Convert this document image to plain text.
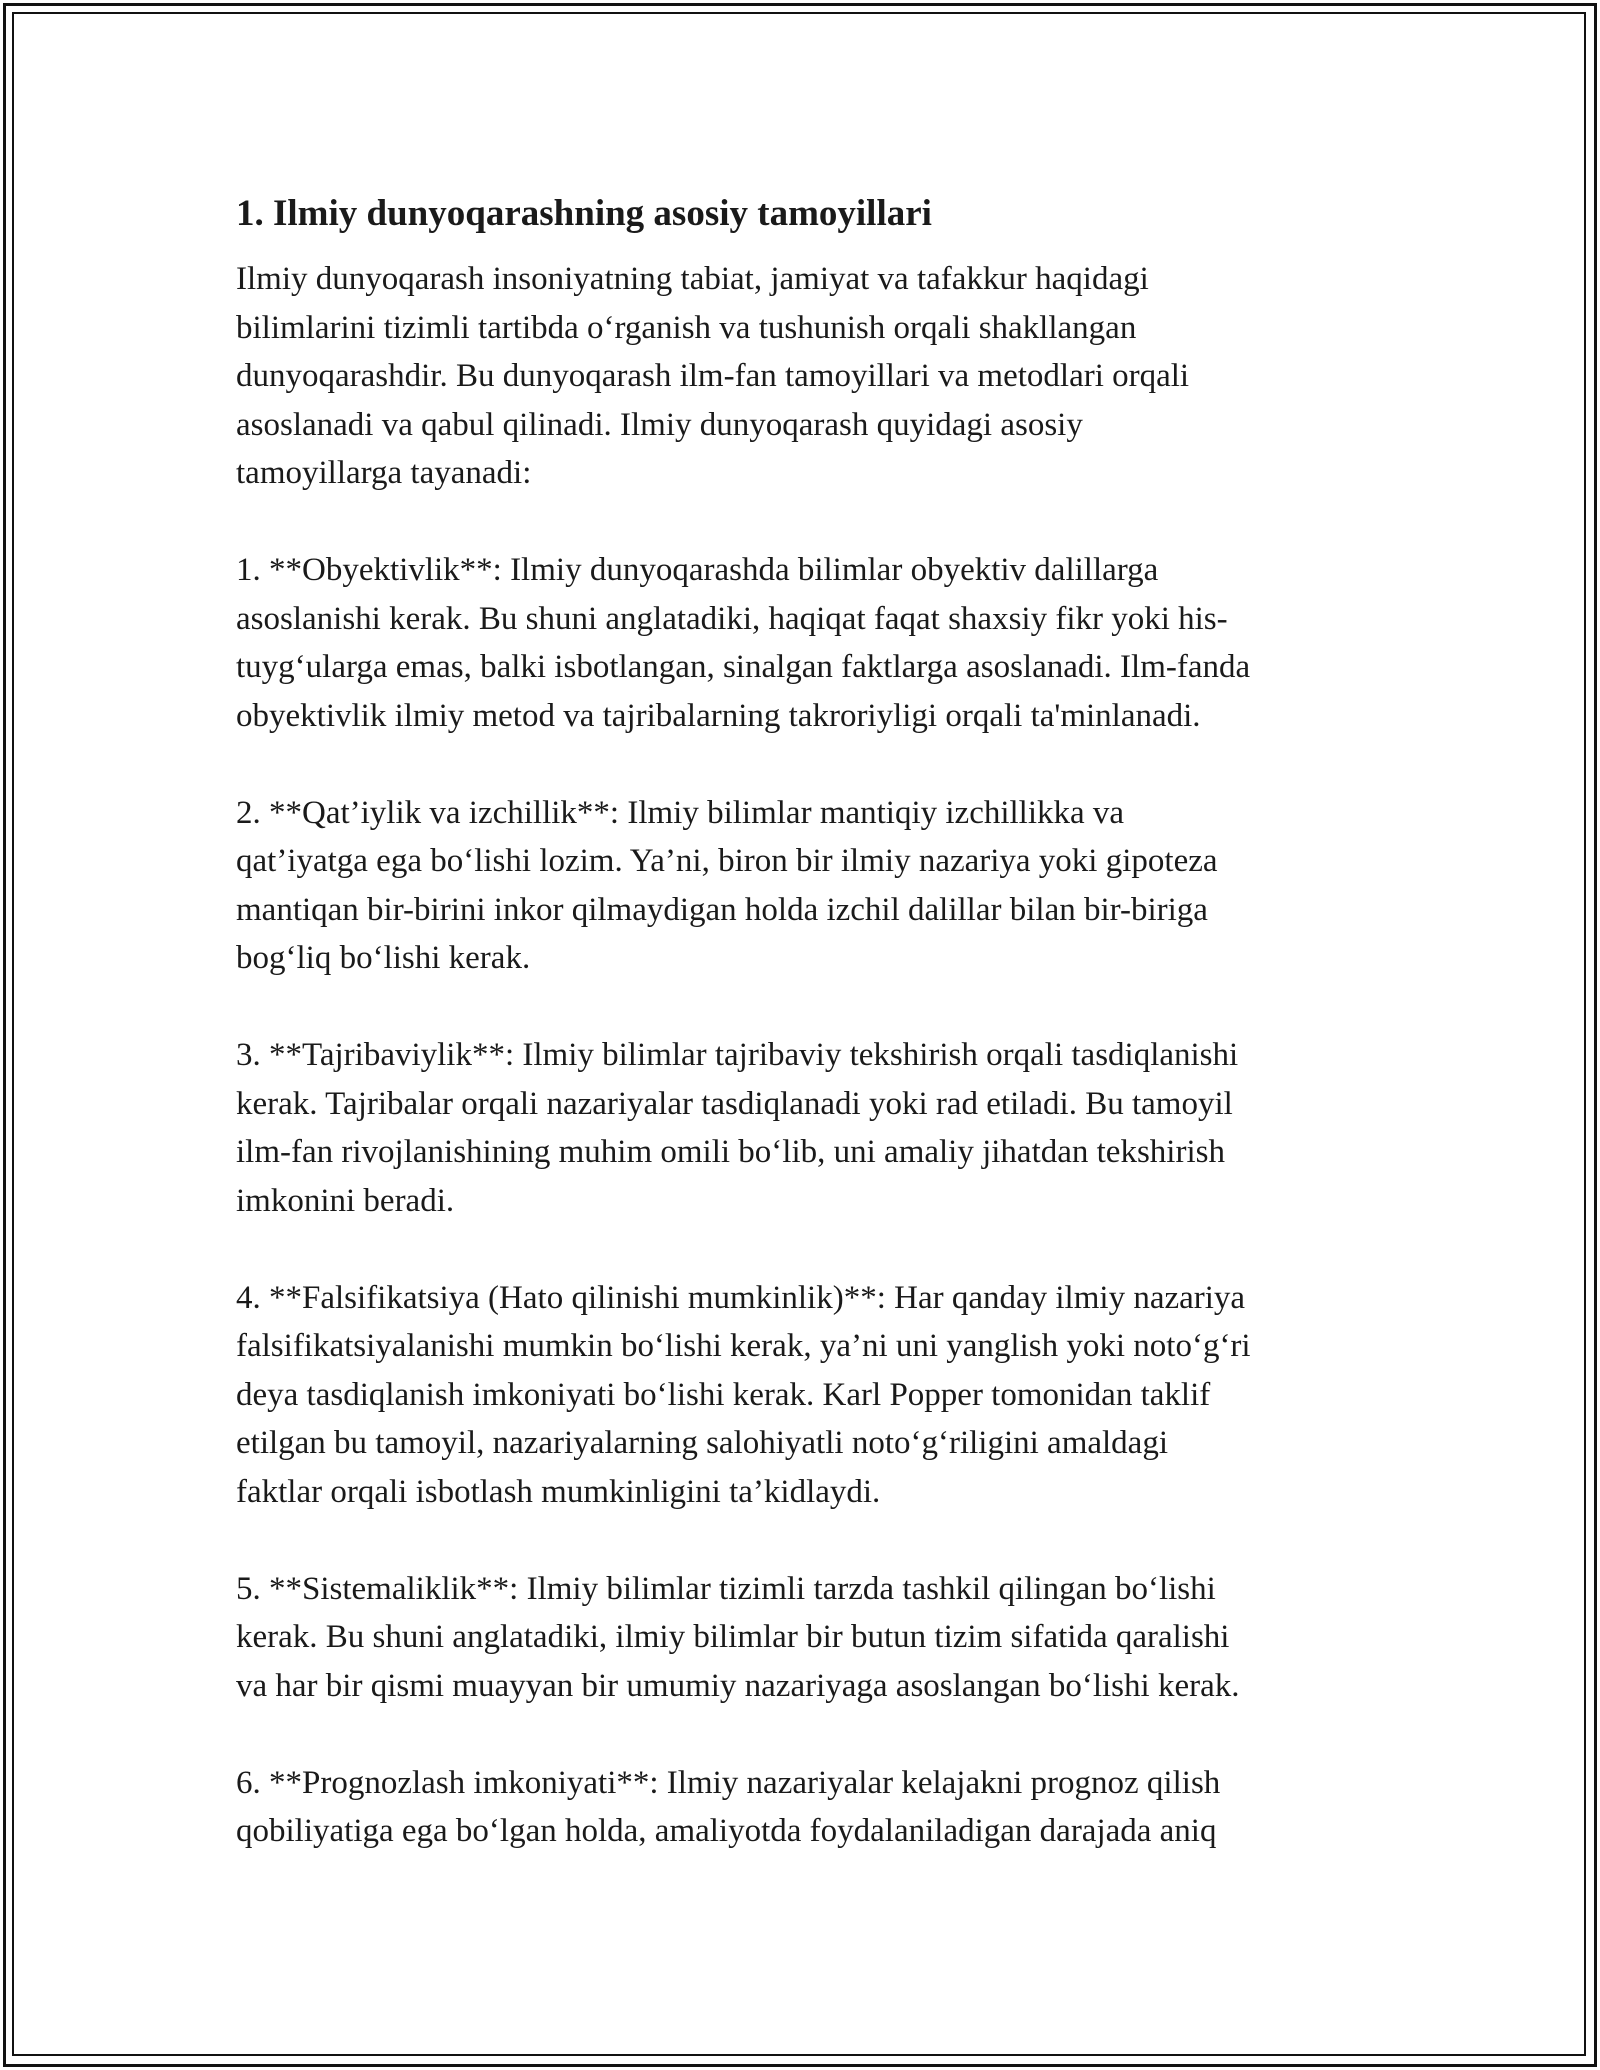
1. Ilmiy dunyoqarashning asosiy tamoyillari

Ilmiy dunyoqarash insoniyatning tabiat, jamiyat va tafakkur haqidagi
bilimlarini tizimli tartibda o‘rganish va tushunish orqali shakllangan
dunyoqarashdir. Bu dunyoqarash ilm-fan tamoyillari va metodlari orqali
asoslanadi va qabul qilinadi. Ilmiy dunyoqarash quyidagi asosiy
tamoyillarga tayanadi:

1. **Obyektivlik**: Ilmiy dunyoqarashda bilimlar obyektiv dalillarga
asoslanishi kerak. Bu shuni anglatadiki, haqiqat faqat shaxsiy fikr yoki his-
tuyg‘ularga emas, balki isbotlangan, sinalgan faktlarga asoslanadi. Ilm-fanda
obyektivlik ilmiy metod va tajribalarning takroriyligi orqali ta'minlanadi.

2. **Qat’iylik va izchillik**: Ilmiy bilimlar mantiqiy izchillikka va
qat’iyatga ega bo‘lishi lozim. Ya’ni, biron bir ilmiy nazariya yoki gipoteza
mantiqan bir-birini inkor qilmaydigan holda izchil dalillar bilan bir-biriga
bog‘liq bo‘lishi kerak.

3. **Tajribaviylik**: Ilmiy bilimlar tajribaviy tekshirish orqali tasdiqlanishi
kerak. Tajribalar orqali nazariyalar tasdiqlanadi yoki rad etiladi. Bu tamoyil
ilm-fan rivojlanishining muhim omili bo‘lib, uni amaliy jihatdan tekshirish
imkonini beradi.

4. **Falsifikatsiya (Hato qilinishi mumkinlik)**: Har qanday ilmiy nazariya
falsifikatsiyalanishi mumkin bo‘lishi kerak, ya’ni uni yanglish yoki noto‘g‘ri
deya tasdiqlanish imkoniyati bo‘lishi kerak. Karl Popper tomonidan taklif
etilgan bu tamoyil, nazariyalarning salohiyatli noto‘g‘riligini amaldagi
faktlar orqali isbotlash mumkinligini ta’kidlaydi.

5. **Sistemaliklik**: Ilmiy bilimlar tizimli tarzda tashkil qilingan bo‘lishi
kerak. Bu shuni anglatadiki, ilmiy bilimlar bir butun tizim sifatida qaralishi
va har bir qismi muayyan bir umumiy nazariyaga asoslangan bo‘lishi kerak.

6. **Prognozlash imkoniyati**: Ilmiy nazariyalar kelajakni prognoz qilish
qobiliyatiga ega bo‘lgan holda, amaliyotda foydalaniladigan darajada aniq
